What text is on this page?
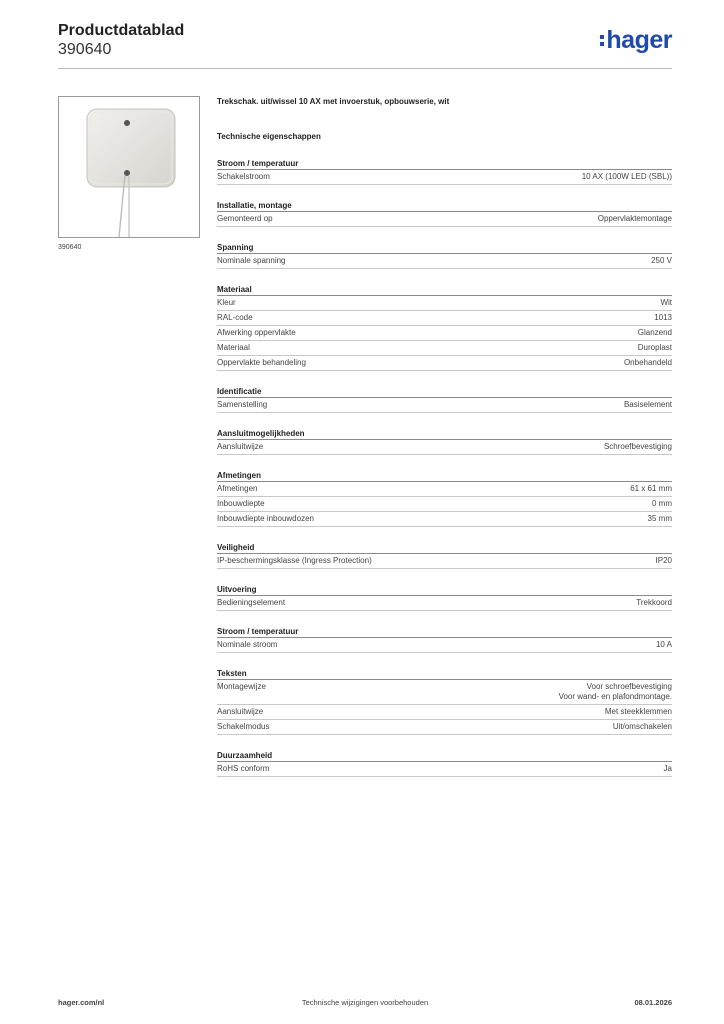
Productdatablad
390640	hager
390640
Trekschak. uit/wissel 10 AX met invoerstuk, opbouwserie, wit
Technische eigenschappen
Stroom / temperatuur
Schakelstroom	10 AX (100W LED (SBL))
Installatie, montage
Gemonteerd op	Oppervlaktemontage
Spanning
Nominale spanning	250 V
Materiaal
Kleur	Wit
RAL-code	1013
Afwerking oppervlakte	Glanzend
Materiaal	Duroplast
Oppervlakte behandeling	Onbehandeld
Identificatie
Samenstelling	Basiselement
Aansluitmogelijkheden
Aansluitwijze	Schroefbevestiging
Afmetingen
Afmetingen	61 x 61 mm
Inbouwdiepte	0 mm
Inbouwdiepte inbouwdozen	35 mm
Veiligheid
IP-beschermingsklasse (Ingress Protection)	IP20
Uitvoering
Bedieningselement	Trekkoord
Stroom / temperatuur
Nominale stroom	10 A
Teksten
Montagewijze	Voor schroefbevestiging
Voor wand- en plafondmontage.
Aansluitwijze	Met steekklemmen
Schakelmodus	Uit/omschakelen
Duurzaamheid
RoHS conform	Ja
hager.com/nl	Technische wijzigingen voorbehouden	08.01.2026
